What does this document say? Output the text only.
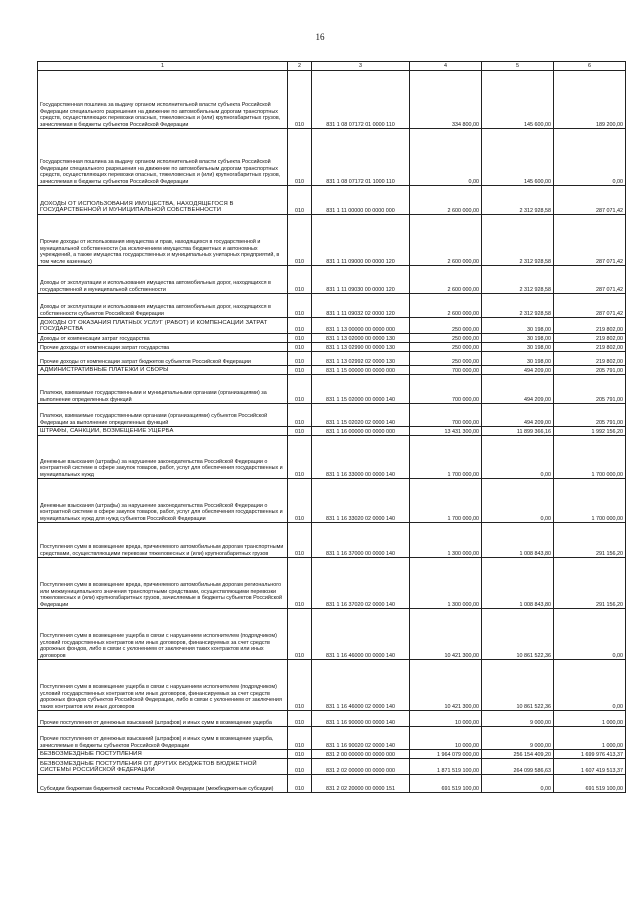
16
1	2	3	4	5	6
Государственная пошлина за выдачу органом исполнительной власти субъекта Российской Федерации специального разрешения на движение по автомобильным дорогам транспортных средств, осуществляющих перевозки опасных, тяжеловесных и (или) крупногабаритных грузов, зачисляемая в бюджеты субъектов Российской Федерации	010	831 1 08 07172 01 0000 110	334 800,00	145 600,00	189 200,00
Государственная пошлина за выдачу органом исполнительной власти субъекта Российской Федерации специального разрешения на движение по автомобильным дорогам транспортных средств, осуществляющих перевозки опасных, тяжеловесных и (или) крупногабаритных грузов, зачисляемая в бюджеты субъектов Российской Федерации	010	831 1 08 07172 01 1000 110	0,00	145 600,00	0,00
ДОХОДЫ ОТ ИСПОЛЬЗОВАНИЯ ИМУЩЕСТВА, НАХОДЯЩЕГОСЯ В ГОСУДАРСТВЕННОЙ И МУНИЦИПАЛЬНОЙ СОБСТВЕННОСТИ	010	831 1 11 00000 00 0000 000	2 600 000,00	2 312 928,58	287 071,42
Прочие доходы от использования имущества и прав, находящихся в государственной и муниципальной собственности (за исключением имущества бюджетных и автономных учреждений, а также имущества государственных и муниципальных унитарных предприятий, в том числе казенных)	010	831 1 11 09000 00 0000 120	2 600 000,00	2 312 928,58	287 071,42
Доходы от эксплуатации и использования имущества автомобильных дорог, находящихся в государственной и муниципальной собственности	010	831 1 11 09030 00 0000 120	2 600 000,00	2 312 928,58	287 071,42
Доходы от эксплуатации и использования имущества автомобильных дорог, находящихся в собственности субъектов Российской Федерации	010	831 1 11 09032 02 0000 120	2 600 000,00	2 312 928,58	287 071,42
ДОХОДЫ ОТ ОКАЗАНИЯ ПЛАТНЫХ УСЛУГ (РАБОТ) И КОМПЕНСАЦИИ ЗАТРАТ ГОСУДАРСТВА	010	831 1 13 00000 00 0000 000	250 000,00	30 198,00	219 802,00
Доходы от компенсации затрат государства	010	831 1 13 02000 00 0000 130	250 000,00	30 198,00	219 802,00
Прочие доходы от компенсации затрат государства	010	831 1 13 02990 00 0000 130	250 000,00	30 198,00	219 802,00
Прочие доходы от компенсации затрат бюджетов субъектов Российской Федерации	010	831 1 13 02992 02 0000 130	250 000,00	30 198,00	219 802,00
АДМИНИСТРАТИВНЫЕ ПЛАТЕЖИ И СБОРЫ	010	831 1 15 00000 00 0000 000	700 000,00	494 209,00	205 791,00
Платежи, взимаемые государственными и муниципальными органами (организациями) за выполнение определенных функций	010	831 1 15 02000 00 0000 140	700 000,00	494 209,00	205 791,00
Платежи, взимаемые государственными органами (организациями) субъектов Российской Федерации за выполнение определенных функций	010	831 1 15 02020 02 0000 140	700 000,00	494 209,00	205 791,00
ШТРАФЫ, САНКЦИИ, ВОЗМЕЩЕНИЕ УЩЕРБА	010	831 1 16 00000 00 0000 000	13 431 300,00	11 899 366,16	1 992 156,20
Денежные взыскания (штрафы) за нарушение законодательства Российской Федерации о контрактной системе в сфере закупок товаров, работ, услуг для обеспечения государственных и муниципальных нужд	010	831 1 16 33000 00 0000 140	1 700 000,00	0,00	1 700 000,00
Денежные взыскания (штрафы) за нарушение законодательства Российской Федерации о контрактной системе в сфере закупок товаров, работ, услуг для обеспечения государственных и муниципальных нужд для нужд субъектов Российской Федерации	010	831 1 16 33020 02 0000 140	1 700 000,00	0,00	1 700 000,00
Поступления сумм в возмещение вреда, причиняемого автомобильным дорогам транспортными средствами, осуществляющими перевозки тяжеловесных и (или) крупногабаритных грузов	010	831 1 16 37000 00 0000 140	1 300 000,00	1 008 843,80	291 156,20
Поступления сумм в возмещение вреда, причиняемого автомобильным дорогам регионального или межмуниципального значения транспортными средствами, осуществляющими перевозки тяжеловесных и (или) крупногабаритных грузов, зачисляемые в бюджеты субъектов Российской Федерации	010	831 1 16 37020 02 0000 140	1 300 000,00	1 008 843,80	291 156,20
Поступления сумм в возмещение ущерба в связи с нарушением исполнителем (подрядчиком) условий государственных контрактов или иных договоров, финансируемых за счет средств дорожных фондов, либо в связи с уклонением от заключения таких контрактов или иных договоров	010	831 1 16 46000 00 0000 140	10 421 300,00	10 861 522,36	0,00
Поступления сумм в возмещение ущерба в связи с нарушением исполнителем (подрядчиком) условий государственных контрактов или иных договоров, финансируемых за счет средств дорожных фондов субъектов Российской Федерации, либо в связи с уклонением от заключения таких контрактов или иных договоров	010	831 1 16 46000 02 0000 140	10 421 300,00	10 861 522,36	0,00
Прочие поступления от денежных взысканий (штрафов) и иных сумм в возмещение ущерба	010	831 1 16 90000 00 0000 140	10 000,00	9 000,00	1 000,00
Прочие поступления от денежных взысканий (штрафов) и иных сумм в возмещение ущерба, зачисляемые в бюджеты субъектов Российской Федерации	010	831 1 16 90020 02 0000 140	10 000,00	9 000,00	1 000,00
БЕЗВОЗМЕЗДНЫЕ ПОСТУПЛЕНИЯ	010	831 2 00 00000 00 0000 000	1 964 079 000,00	256 154 409,20	1 699 976 413,37
БЕЗВОЗМЕЗДНЫЕ ПОСТУПЛЕНИЯ ОТ ДРУГИХ БЮДЖЕТОВ БЮДЖЕТНОЙ СИСТЕМЫ РОССИЙСКОЙ ФЕДЕРАЦИИ	010	831 2 02 00000 00 0000 000	1 871 519 100,00	264 099 586,63	1 607 419 513,37
Субсидии бюджетам бюджетной системы Российской Федерации (межбюджетные субсидии)	010	831 2 02 20000 00 0000 151	691 519 100,00	0,00	691 519 100,00
